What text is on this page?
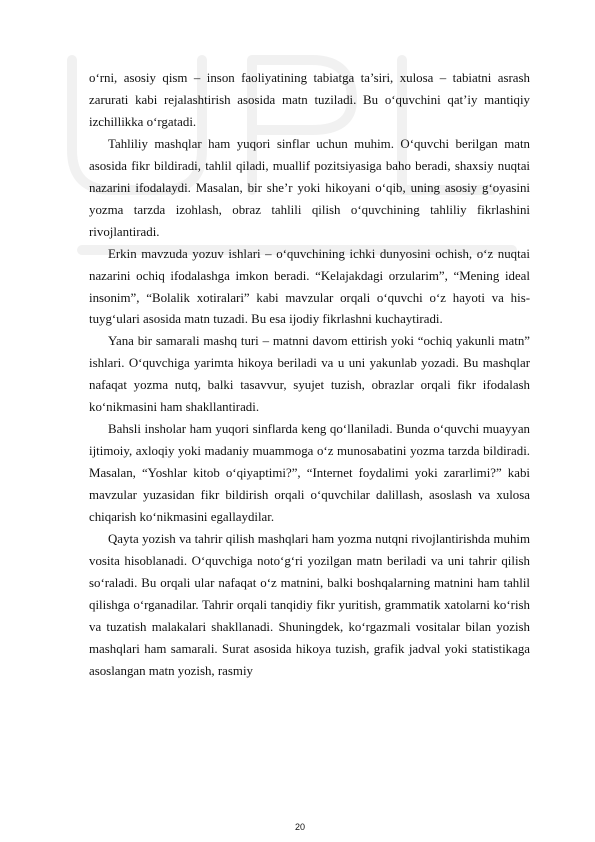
o‘rni, asosiy qism – inson faoliyatining tabiatga ta’siri, xulosa – tabiatni asrash zarurati kabi rejalashtirish asosida matn tuziladi. Bu o‘quvchini qat’iy mantiqiy izchillikka o‘rgatadi.

Tahliliy mashqlar ham yuqori sinflar uchun muhim. O‘quvchi berilgan matn asosida fikr bildiradi, tahlil qiladi, muallif pozitsiyasiga baho beradi, shaxsiy nuqtai nazarini ifodalaydi. Masalan, bir she’r yoki hikoyani o‘qib, uning asosiy g‘oyasini yozma tarzda izohlash, obraz tahlili qilish o‘quvchining tahliliy fikrlashini rivojlantiradi.

Erkin mavzuda yozuv ishlari – o‘quvchining ichki dunyosini ochish, o‘z nuqtai nazarini ochiq ifodalashga imkon beradi. “Kelajakdagi orzularim”, “Mening ideal insonim”, “Bolalik xotiralari” kabi mavzular orqali o‘quvchi o‘z hayoti va his-tuyg‘ulari asosida matn tuzadi. Bu esa ijodiy fikrlashni kuchaytiradi.

Yana bir samarali mashq turi – matnni davom ettirish yoki “ochiq yakunli matn” ishlari. O‘quvchiga yarimta hikoya beriladi va u uni yakunlab yozadi. Bu mashqlar nafaqat yozma nutq, balki tasavvur, syujet tuzish, obrazlar orqali fikr ifodalash ko‘nikmasini ham shakllantiradi.

Bahsli insholar ham yuqori sinflarda keng qo‘llaniladi. Bunda o‘quvchi muayyan ijtimoiy, axloqiy yoki madaniy muammoga o‘z munosabatini yozma tarzda bildiradi. Masalan, “Yoshlar kitob o‘qiyaptimi?”, “Internet foydalimi yoki zararlimi?” kabi mavzular yuzasidan fikr bildirish orqali o‘quvchilar dalillash, asoslash va xulosa chiqarish ko‘nikmasini egallaydilar.

Qayta yozish va tahrir qilish mashqlari ham yozma nutqni rivojlantirishda muhim vosita hisoblanadi. O‘quvchiga noto‘g‘ri yozilgan matn beriladi va uni tahrir qilish so‘raladi. Bu orqali ular nafaqat o‘z matnini, balki boshqalarning matnini ham tahlil qilishga o‘rganadilar. Tahrir orqali tanqidiy fikr yuritish, grammatik xatolarni ko‘rish va tuzatish malakalari shakllanadi. Shuningdek, ko‘rgazmali vositalar bilan yozish mashqlari ham samarali. Surat asosida hikoya tuzish, grafik jadval yoki statistikaga asoslangan matn yozish, rasmiy

20
